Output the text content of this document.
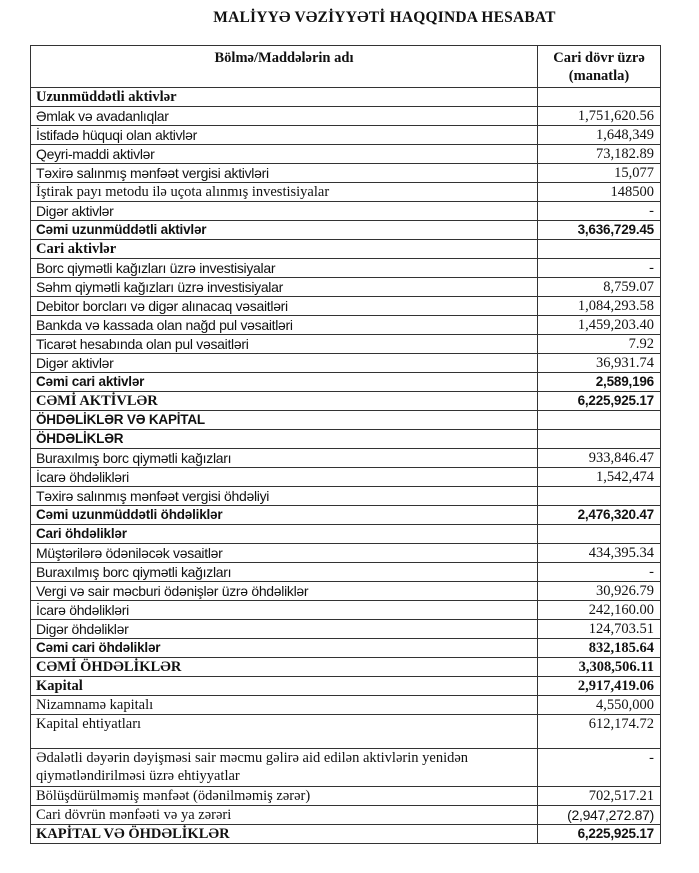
MALİYYƏ VƏZİYYƏTİ HAQQINDA HESABAT
Bölmə/Maddələrin adı	Cari dövr üzrə (manatla)
Uzunmüddətli aktivlər	
Əmlak və avadanlıqlar	1,751,620.56
İstifadə hüquqi olan aktivlər	1,648,349
Qeyri-maddi aktivlər	73,182.89
Təxirə salınmış mənfəət vergisi aktivləri	15,077
İştirak payı metodu ilə uçota alınmış investisiyalar	148500
Digər aktivlər	-
Cəmi uzunmüddətli aktivlər	3,636,729.45
Cari aktivlər	
Borc qiymətli kağızları üzrə investisiyalar	-
Səhm qiymətli kağızları üzrə investisiyalar	8,759.07
Debitor borcları və digər alınacaq vəsaitləri	1,084,293.58
Bankda və kassada olan nağd pul vəsaitləri	1,459,203.40
Ticarət hesabında olan pul vəsaitləri	7.92
Digər aktivlər	36,931.74
Cəmi cari aktivlər	2,589,196
CƏMİ AKTİVLƏR	6,225,925.17
ÖHDƏLİKLƏR VƏ KAPİTAL	
ÖHDƏLİKLƏR	
Buraxılmış borc qiymətli kağızları	933,846.47
İcarə öhdəlikləri	1,542,474
Təxirə salınmış mənfəət vergisi öhdəliyi	
Cəmi uzunmüddətli öhdəliklər	2,476,320.47
Cari öhdəliklər	
Müştərilərə ödəniləcək vəsaitlər	434,395.34
Buraxılmış borc qiymətli kağızları	-
Vergi və sair məcburi ödənişlər üzrə öhdəliklər	30,926.79
İcarə öhdəlikləri	242,160.00
Digər öhdəliklər	124,703.51
Cəmi cari öhdəliklər	832,185.64
CƏMİ ÖHDƏLİKLƏR	3,308,506.11
Kapital	2,917,419.06
Nizamnamə kapitalı	4,550,000
Kapital ehtiyatları	612,174.72
Ədalətli dəyərin dəyişməsi sair məcmu gəlirə aid edilən aktivlərin yenidən qiymətləndirilməsi üzrə ehtiyyatlar	-
Bölüşdürülməmiş mənfəət (ödənilməmiş zərər)	702,517.21
Cari dövrün mənfəəti və ya zərəri	(2,947,272.87)
KAPİTAL VƏ ÖHDƏLİKLƏR	6,225,925.17
